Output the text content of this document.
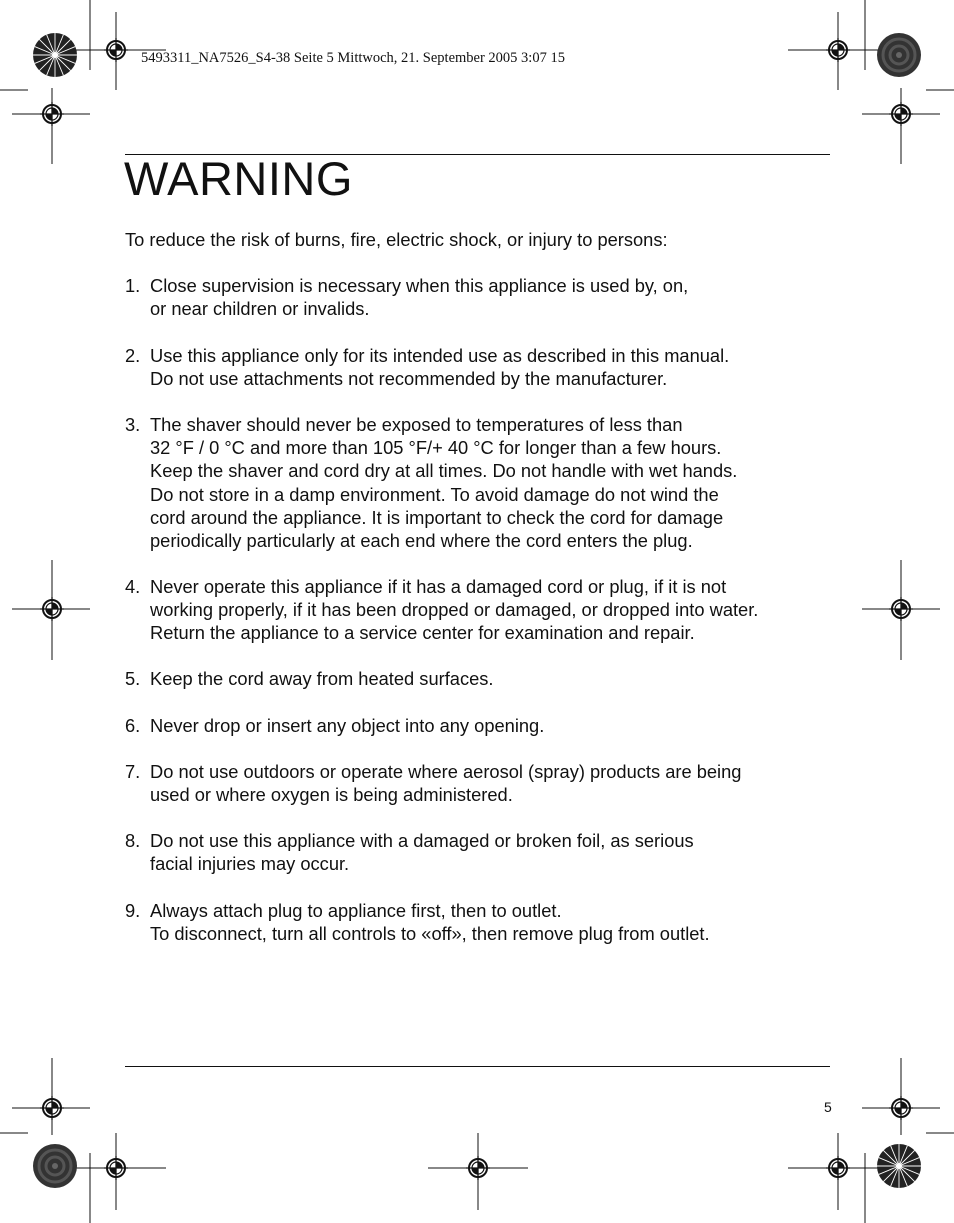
5493311_NA7526_S4-38 Seite 5 Mittwoch, 21. September 2005 3:07 15
WARNING
To reduce the risk of burns, fire, electric shock, or injury to persons:
1. Close supervision is necessary when this appliance is used by, on,
or near children or invalids.
2. Use this appliance only for its intended use as described in this manual.
Do not use attachments not recommended by the manufacturer.
3. The shaver should never be exposed to temperatures of less than
32 °F / 0 °C and more than 105 °F/+ 40 °C for longer than a few hours.
Keep the shaver and cord dry at all times. Do not handle with wet hands.
Do not store in a damp environment. To avoid damage do not wind the
cord around the appliance. It is important to check the cord for damage
periodically particularly at each end where the cord enters the plug.
4. Never operate this appliance if it has a damaged cord or plug, if it is not
working properly, if it has been dropped or damaged, or dropped into water.
Return the appliance to a service center for examination and repair.
5. Keep the cord away from heated surfaces.
6. Never drop or insert any object into any opening.
7. Do not use outdoors or operate where aerosol (spray) products are being
used or where oxygen is being administered.
8. Do not use this appliance with a damaged or broken foil, as serious
facial injuries may occur.
9. Always attach plug to appliance first, then to outlet.
To disconnect, turn all controls to «off», then remove plug from outlet.
5
